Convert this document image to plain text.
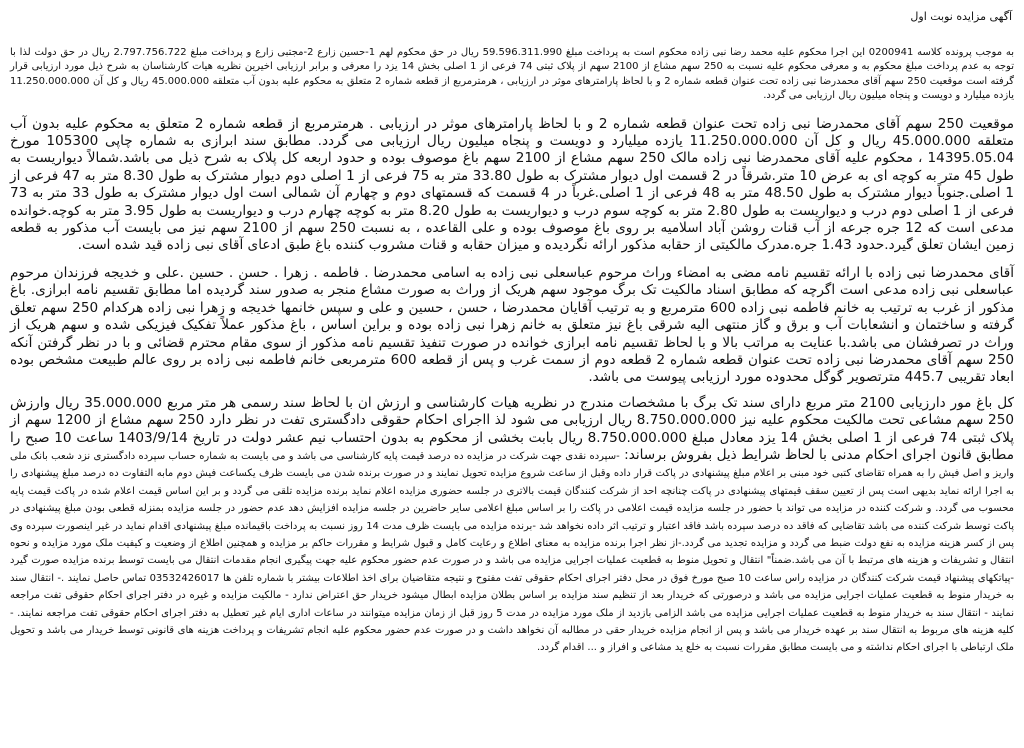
آگهی مزایده نوبت اول

به موجب پرونده کلاسه 0200941 این اجرا محکوم علیه محمد رضا نبی زاده محکوم است به پرداخت مبلغ 59.596.311.990 ریال در حق محکوم لهم 1-حسین زارع 2-مجتبی زارع و پرداخت مبلغ 2.797.756.722 ریال در حق دولت لذا با توجه به عدم پرداخت مبلغ محکوم به و معرفی محکوم علیه نسبت به 250 سهم مشاع از 2100 سهم از پلاک ثبتی 74 فرعی از 1 اصلی بخش 14 یزد را معرفی و برابر ارزیابی اخیرین نظریه هیات کارشناسان به شرح ذیل مورد ارزیابی قرار گرفته است موقعیت 250 سهم آقای محمدرضا نبی زاده تحت عنوان قطعه شماره 2 و با لحاظ پارامترهای موثر در ارزیابی ، هرمترمربع از قطعه شماره 2 متعلق به محکوم علیه بدون آب متعلقه 45.000.000 ریال و کل آن 11.250.000.000 یازده میلیارد و دویست و پنجاه میلیون ریال ارزیابی می گردد.

موقعیت 250 سهم آقای محمدرضا نبی زاده تحت عنوان قطعه شماره 2 و با لحاظ پارامترهای موثر در ارزیابی . هرمترمربع از قطعه شماره 2 متعلق به محکوم علیه بدون آب متعلقه 45.000.000 ریال و کل آن 11.250.000.000 یازده میلیارد و دویست و پنجاه میلیون ریال ارزیابی می گردد. مطابق سند ابرازی به شماره چاپی 105300 مورخ 14395.05.04 ، محکوم علیه آقای محمدرضا نبی زاده مالک 250 سهم مشاع از 2100 سهم باغ موصوف بوده و حدود اربعه کل پلاک به شرح ذیل می باشد.شمالاً دیواریست به طول 45 متر به کوچه ای به عرض 10 متر.شرقاً در 2 قسمت اول دیوار مشترک به طول 33.80 متر به 75 فرعی از 1 اصلی دوم دیوار مشترک به طول 8.30 متر به 47 فرعی از 1 اصلی.جنوباً دیوار مشترک به طول 48.50 متر به 48 فرعی از 1 اصلی.غرباً در 4 قسمت که قسمتهای دوم و چهارم آن شمالی است اول دیوار مشترک به طول 33 متر به 73 فرعی از 1 اصلی دوم درب و دیواریست به طول 2.80 متر به کوچه سوم درب و دیواریست به طول 8.20 متر به کوچه چهارم درب و دیواریست به طول 3.95 متر به کوچه.خوانده مدعی است که 12 جره جرعه از آب قنات روشن آباد اسلامیه بر روی باغ موصوف بوده و علی القاعده ، به نسبت 250 سهم از 2100 سهم نیز می بایست آب مذکور به قطعه زمین ایشان تعلق گیرد.حدود 1.43 جره.مدرک مالکیتی از حقابه مذکور ارائه نگردیده و میزان حقابه و قنات مشروب کننده باغ طبق ادعای آقای نبی زاده قید شده است.

آقای محمدرضا نبی زاده با ارائه تقسیم نامه مضی به امضاء وراث مرحوم عباسعلی نبی زاده به اسامی محمدرضا . فاطمه . زهرا . حسن . حسین .علی و خدیجه فرزندان مرحوم عباسعلی نبی زاده مدعی است اگرچه که مطابق اسناد مالکیت تک برگ موجود سهم هریک از وراث به صورت مشاع منجر به صدور سند گردیده اما مطابق تقسیم نامه ابرازی. باغ مذکور از غرب به ترتیب به خانم فاطمه نبی زاده 600 مترمربع و به ترتیب آقایان محمدرضا ، حسن ، حسین و علی و سپس خانمها خدیجه و زهرا نبی زاده هرکدام 250 سهم تعلق گرفته و ساختمان و انشعابات آب و برق و گاز منتهی الیه شرقی باغ نیز متعلق به خانم زهرا نبی زاده بوده و براین اساس ، باغ مذکور عملاً تفکیک فیزیکی شده و سهم هریک از وراث در تصرفشان می باشد.با عنایت به مراتب بالا و با لحاظ تقسیم نامه ابرازی خوانده در صورت تنفیذ تقسیم نامه مذکور از سوی مقام محترم قضائی و با در نظر گرفتن آنکه 250 سهم آقای محمدرضا نبی زاده تحت عنوان قطعه شماره 2 قطعه دوم از سمت غرب و پس از قطعه 600 مترمربعی خانم فاطمه نبی زاده بر روی عالم طبیعت مشخص بوده ابعاد تقریبی 445.7 مترتصویر گوگل محدوده مورد ارزیابی پیوست می باشد.

کل باغ مور دارزیابی 2100 متر مربع دارای سند تک برگ با مشخصات مندرج در نظریه هیات کارشناسی و ارزش ان با لحاظ سند رسمی هر متر مربع 35.000.000 ریال وارزش 250 سهم مشاعی تحت مالکیت محکوم علیه نیز 8.750.000.000 ریال ارزیابی می شود لذ ااجرای احکام حقوقی دادگستری تفت در نظر دارد 250 سهم مشاع از 1200 سهم از پلاک ثبتی 74 فرعی از 1 اصلی بخش 14 یزد معادل مبلغ 8.750.000.000 ریال بابت بخشی از محکوم به بدون احتساب نیم عشر دولت در تاریخ 1403/9/14 ساعت 10 صبح را مطابق قانون اجرای احکام مدنی با لحاظ شرایط ذیل بفروش برساند: -سپرده نقدی جهت شرکت در مزایده ده درصد قیمت پایه کارشناسی می باشد و می بایست به شماره حساب سپرده دادگستری نزد شعب بانک ملی واریز و اصل فیش را به همراه تقاضای کتبی خود مبنی بر اعلام مبلغ پیشنهادی در پاکت قرار داده وقبل از ساعت شروع مزایده تحویل نمایند و در صورت برنده شدن می بایست ظرف یکساعت فیش دوم مابه التفاوت ده درصد مبلغ پیشنهادی را به اجرا ارائه نماید بدیهی است پس از تعیین سقف قیمتهای پیشنهادی در پاکت چنانچه احد از شرکت کنندگان قیمت بالاتری در جلسه حضوری مزایده اعلام نماید برنده مزایده تلقی می گردد و بر این اساس قیمت اعلام شده در پاکت قیمت پایه محسوب می گردد. و شرکت کننده در مزایده می تواند با حضور در جلسه مزایده قیمت اعلامی در پاکت را بر اساس مبلغ اعلامی سایر حاضرین در جلسه مزایده افزایش دهد عدم حضور در جلسه مزایده بمنزله قطعی بودن مبلغ پیشنهادی در پاکت توسط شرکت کننده می باشد تقاضایی که فاقد ده درصد سپرده باشد فاقد اعتبار و ترتیب اثر داده نخواهد شد -برنده مزایده می بایست ظرف مدت 14 روز نسبت به پرداخت باقیمانده مبلغ پیشنهادی اقدام نماید در غیر اینصورت سپرده وی پس از کسر هزینه مزایده به نفع دولت ضبط می گردد و مزایده تجدید می گردد.-از نظر اجرا برنده مزایده به معنای اطلاع و رعایت کامل و قبول شرایط و مقررات حاکم بر مزایده و همچنین اطلاع از وضعیت و کیفیت ملک مورد مزایده و نحوه انتقال و تشریفات و هزینه های مرتبط با آن می باشد.ضمناً" انتقال و تحویل منوط به قطعیت عملیات اجرایی مزایده می باشد و در صورت عدم حضور محکوم علیه جهت پیگیری انجام مقدمات انتقال می بایست توسط برنده مزایده صورت گیرد -پیاتکهای پیشنهاد قیمت شرکت کنندگان در مزایده راس ساعت 10 صبح مورخ فوق در محل دفتر اجرای احکام حقوقی تفت مفتوح و نتیجه متقاضیان برای اخذ اطلاعات بیشتر با شماره تلفن ها 03532426017 تماس حاصل نمایند .- انتقال سند به خریدار منوط به قطعیت عملیات اجرایی مزایده می باشد و درصورتی که خریدار بعد از تنظیم سند مزایده بر اساس بطلان مزایده ابطال میشود خریدار حق اعتراض ندارد - مالکیت مزایده و غیره در دفتر اجرای احکام حقوقی تفت مراجعه نمایند - انتقال سند به خریدار منوط به قطعیت عملیات اجرایی مزایده می باشد الزامی بازدید از ملک مورد مزایده در مدت 5 روز قبل از زمان مزایده میتوانند در ساعات اداری ایام غیر تعطیل به دفتر اجرای احکام حقوقی تفت مراجعه نمایند. - کلیه هزینه های مربوط به انتقال سند بر عهده خریدار می باشد و پس از انجام مزایده خریدار حقی در مطالبه آن نخواهد داشت و در صورت عدم حضور محکوم علیه انجام تشریفات و پرداخت هزینه های قانونی توسط خریدار می باشد و تحویل ملک ارتباطی با اجرای احکام نداشته و می بایست مطابق مقررات نسبت به خلع ید مشاعی و افراز و ... اقدام گردد.
